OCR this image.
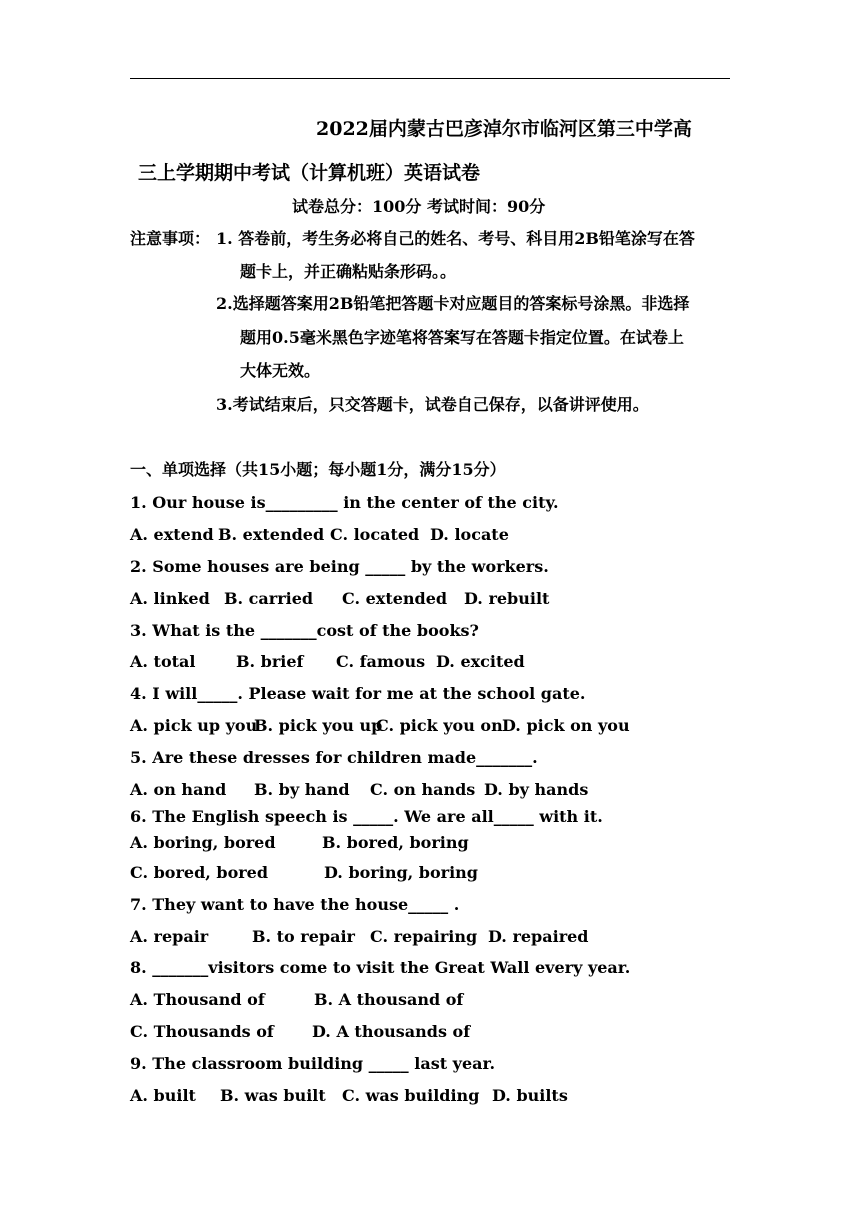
2022届内蒙古巴彦淖尔市临河区第三中学高
三上学期期中考试（计算机班）英语试卷
试卷总分：100分 考试时间：90分
注意事项： 1. 答卷前，考生务必将自己的姓名、考号、科目用2B铅笔涂写在答
题卡上，并正确粘贴条形码。。
2.选择题答案用2B铅笔把答题卡对应题目的答案标号涂黑。非选择
题用0.5毫米黑色字迹笔将答案写在答题卡指定位置。在试卷上
大体无效。
3.考试结束后，只交答题卡，试卷自己保存，以备讲评使用。
一、单项选择（共15小题；每小题1分，满分15分）
1. Our house is_________ in the center of the city.
A. extend B. extended C. located D. locate
2. Some houses are being _____ by the workers.
A. linked B. carried C. extended D. rebuilt
3. What is the _______cost of the books?
A. total	B. brief C. famous D. excited
4. I will_____. Please wait for me at the school gate.
A. pick up you
B. pick you up
C. pick you on D. pick on you
5. Are these dresses for children made_______.
A. on hand B. by hand C. on hands D. by hands
6. The English speech is _____. We are all_____ with it.
A. boring, bored	B. bored, boring
C. bored, bored	D. boring, boring
7. They want to have the house_____ .
A. repair	B. to repair C. repairing D. repaired
8. _______visitors come to visit the Great Wall every year.
A. Thousand of	B. A thousand of
C. Thousands of D. A thousands of
9. The classroom building _____ last year.
A. built B. was built C. was building D. builts
